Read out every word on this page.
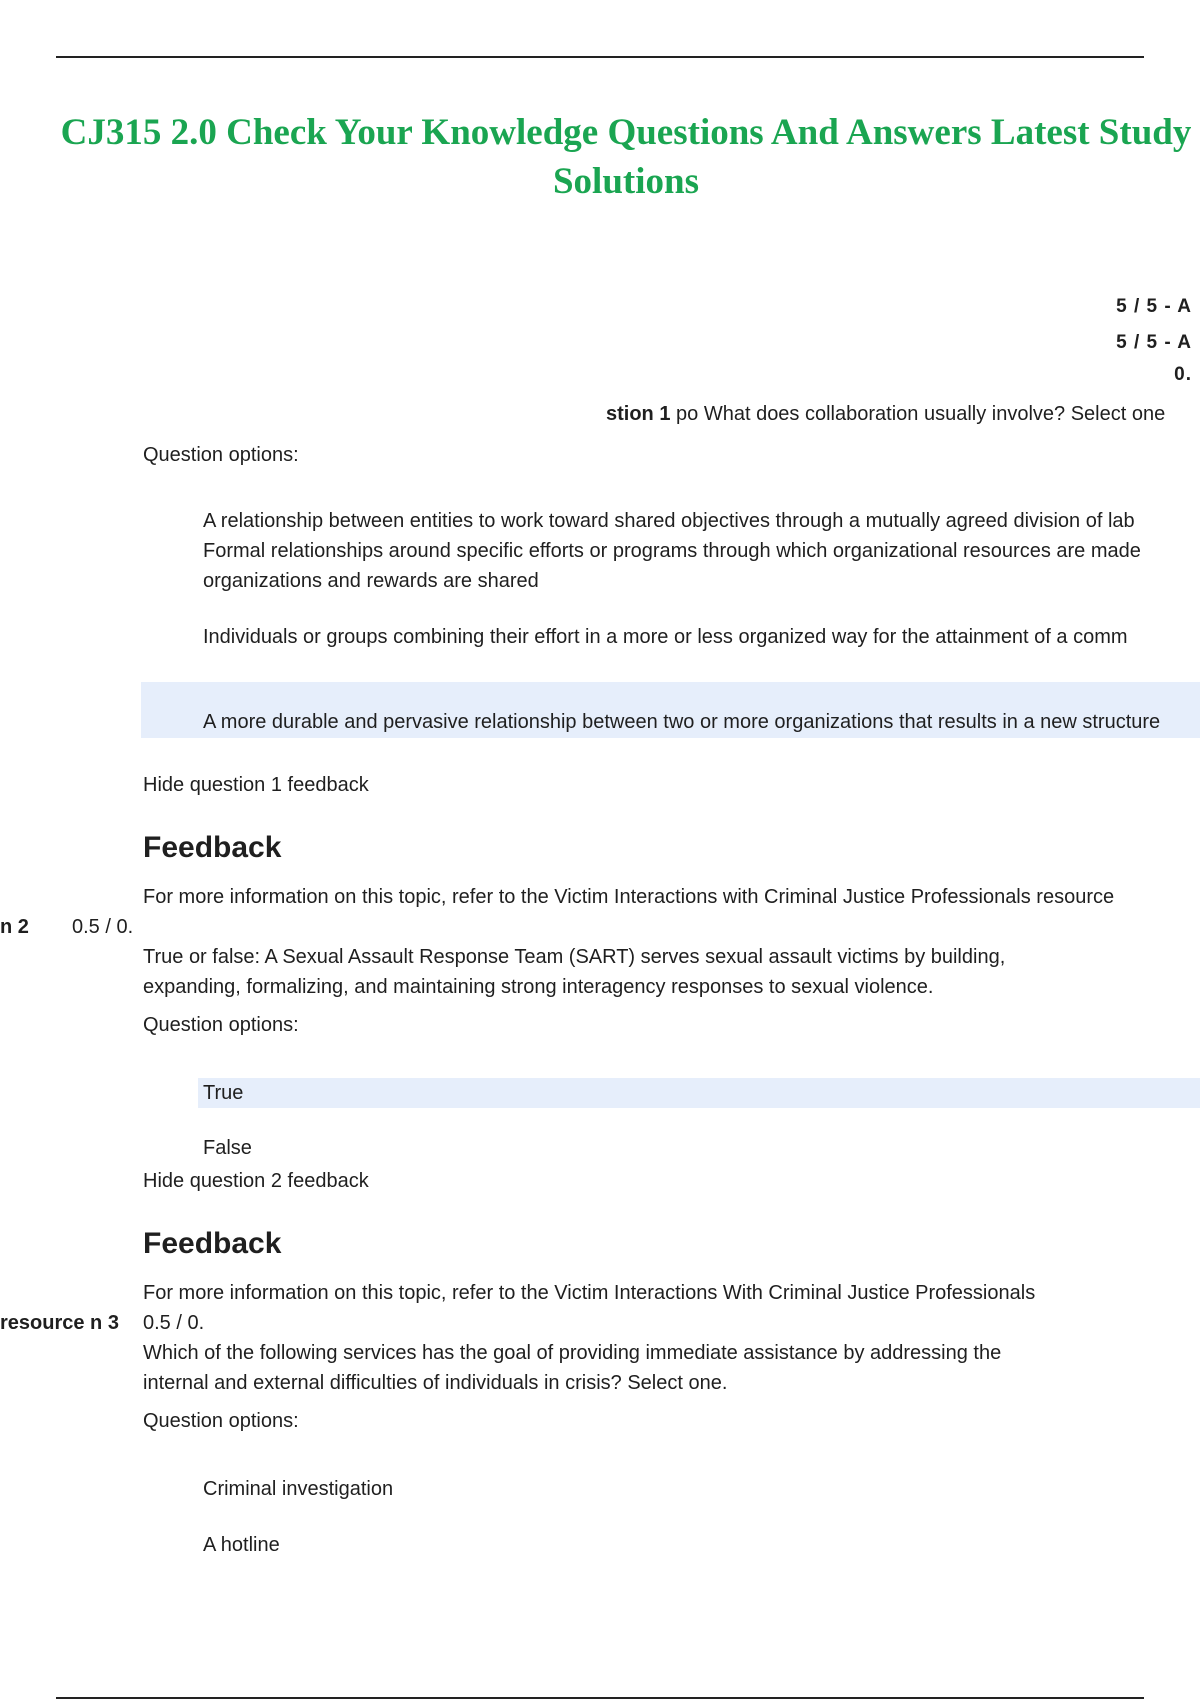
CJ315 2.0 Check Your Knowledge Questions And Answers Latest Study Solutions

5 / 5 - A

5 / 5 - A

0.

stion 1 po What does collaboration usually involve? Select one

Question options:

A relationship between entities to work toward shared objectives through a mutually agreed division of lab Formal relationships around specific efforts or programs through which organizational resources are made organizations and rewards are shared

Individuals or groups combining their effort in a more or less organized way for the attainment of a comm

A more durable and pervasive relationship between two or more organizations that results in a new structure

Hide question 1 feedback

Feedback

For more information on this topic, refer to the Victim Interactions with Criminal Justice Professionals resource

n 2 0.5 / 0.

True or false: A Sexual Assault Response Team (SART) serves sexual assault victims by building, expanding, formalizing, and maintaining strong interagency responses to sexual violence.

Question options:

True

False

Hide question 2 feedback

Feedback

For more information on this topic, refer to the Victim Interactions With Criminal Justice Professionals

resource n 3 0.5 / 0.

Which of the following services has the goal of providing immediate assistance by addressing the internal and external difficulties of individuals in crisis? Select one.

Question options:

Criminal investigation

A hotline
